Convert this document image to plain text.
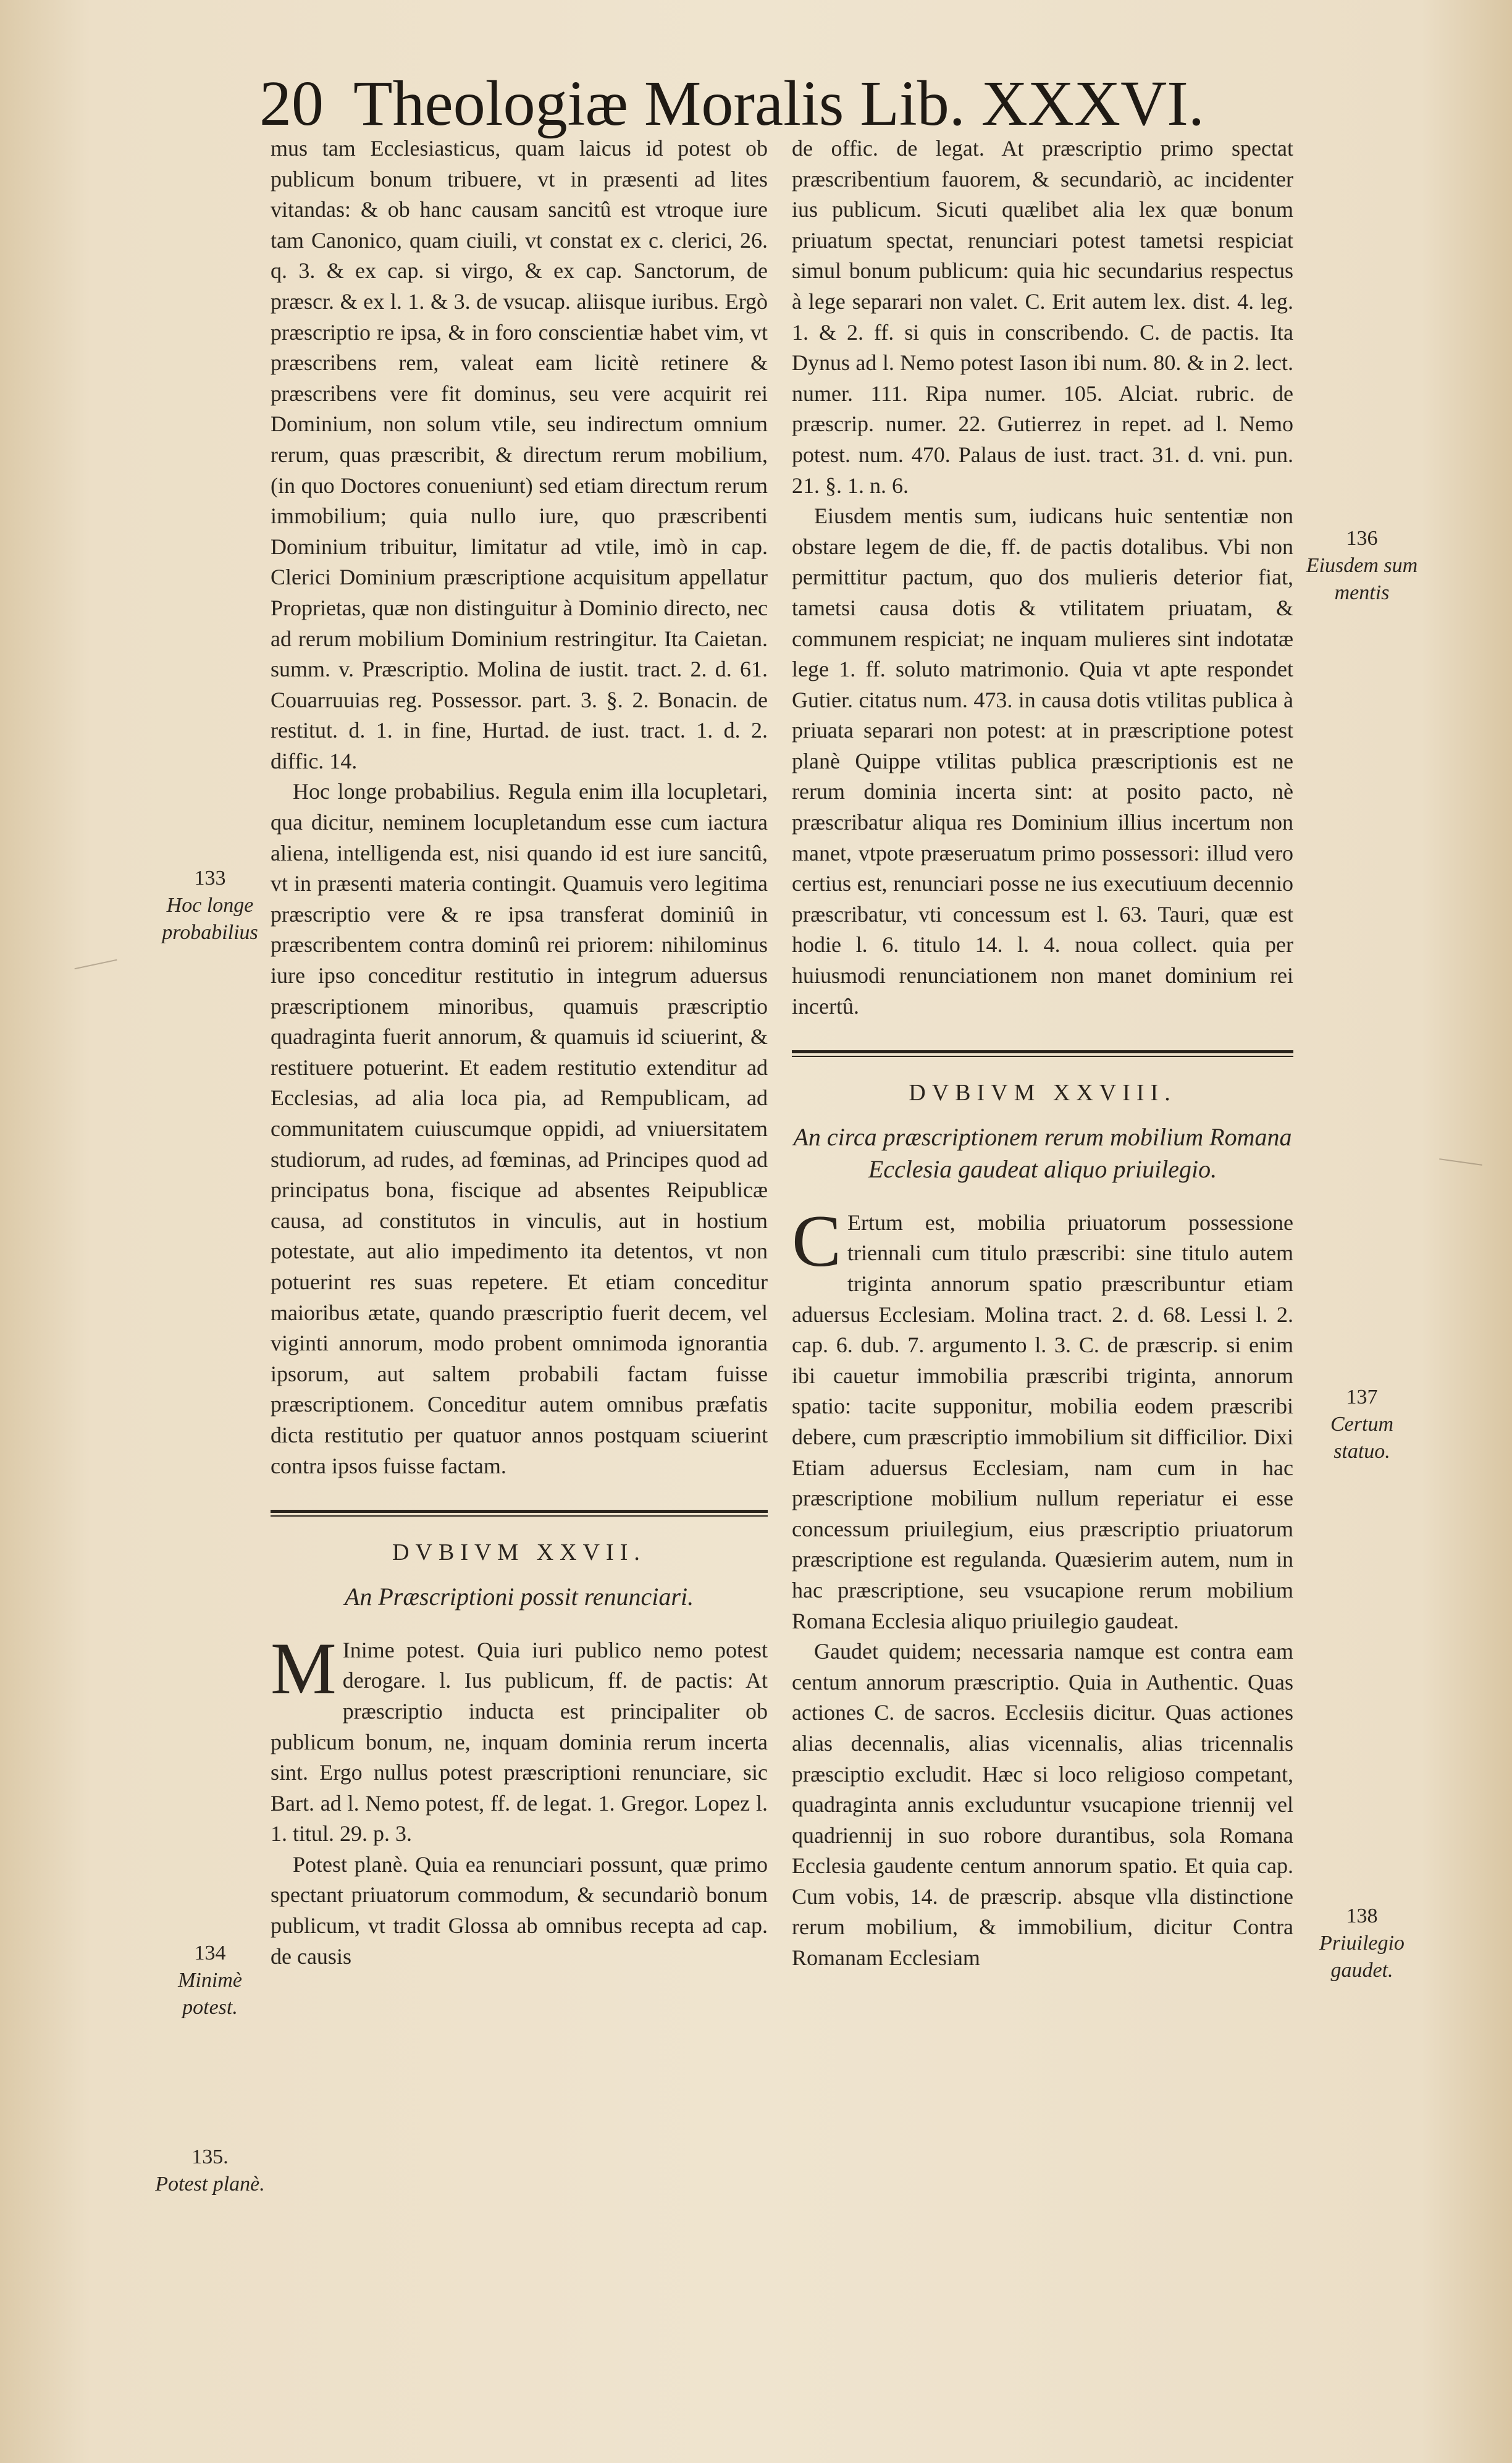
20 Theologiæ Moralis Lib. XXXVI.

mus tam Ecclesiasticus, quam laicus id potest ob publicum bonum tribuere, vt in præsenti ad lites vitandas: & ob hanc causam sancitû est vtroque iure tam Canonico, quam ciuili, vt constat ex c. clerici, 26. q. 3. & ex cap. si virgo, & ex cap. Sanctorum, de præscr. & ex l. 1. & 3. de vsucap. aliisque iuribus. Ergò præscriptio re ipsa, & in foro conscientiæ habet vim, vt præscribens rem, valeat eam licitè retinere & præscribens vere fit dominus, seu vere acquirit rei Dominium, non solum vtile, seu indirectum omnium rerum, quas præscribit, & directum rerum mobilium, (in quo Doctores conueniunt) sed etiam directum rerum immobilium; quia nullo iure, quo præscribenti Dominium tribuitur, limitatur ad vtile, imò in cap. Clerici Dominium præscriptione acquisitum appellatur Proprietas, quæ non distinguitur à Dominio directo, nec ad rerum mobilium Dominium restringitur. Ita Caietan. summ. v. Præscriptio. Molina de iustit. tract. 2. d. 61. Couarruuias reg. Possessor. part. 3. §. 2. Bonacin. de restitut. d. 1. in fine, Hurtad. de iust. tract. 1. d. 2. diffic. 14.

Hoc longe probabilius. Regula enim illa locupletari, qua dicitur, neminem locupletandum esse cum iactura aliena, intelligenda est, nisi quando id est iure sancitû, vt in præsenti materia contingit. Quamuis vero legitima præscriptio vere & re ipsa transferat dominiû in præscribentem contra dominû rei priorem: nihilominus iure ipso conceditur restitutio in integrum aduersus præscriptionem minoribus, quamuis præscriptio quadraginta fuerit annorum, & quamuis id sciuerint, & restituere potuerint. Et eadem restitutio extenditur ad Ecclesias, ad alia loca pia, ad Rempublicam, ad communitatem cuiuscumque oppidi, ad vniuersitatem studiorum, ad rudes, ad fœminas, ad Principes quod ad principatus bona, fiscique ad absentes Reipublicæ causa, ad constitutos in vinculis, aut in hostium potestate, aut alio impedimento ita detentos, vt non potuerint res suas repetere. Et etiam conceditur maioribus ætate, quando præscriptio fuerit decem, vel viginti annorum, modo probent omnimoda ignorantia ipsorum, aut saltem probabili factam fuisse præscriptionem. Conceditur autem omnibus præfatis dicta restitutio per quatuor annos postquam sciuerint contra ipsos fuisse factam.

DVBIVM XXVII.
An Præscriptioni possit renunciari.

M Inime potest. Quia iuri publico nemo potest derogare. l. Ius publicum, ff. de pactis: At præscriptio inducta est principaliter ob publicum bonum, ne, inquam dominia rerum incerta sint. Ergo nullus potest præscriptioni renunciare, sic Bart. ad l. Nemo potest, ff. de legat. 1. Gregor. Lopez l. 1. titul. 29. p. 3.

Potest planè. Quia ea renunciari possunt, quæ primo spectant priuatorum commodum, & secundariò bonum publicum, vt tradit Glossa ab omnibus recepta ad cap. de causis

de offic. de legat. At præscriptio primo spectat præscribentium fauorem, & secundariò, ac incidenter ius publicum. Sicuti quælibet alia lex quæ bonum priuatum spectat, renunciari potest tametsi respiciat simul bonum publicum: quia hic secundarius respectus à lege separari non valet. C. Erit autem lex. dist. 4. leg. 1. & 2. ff. si quis in conscribendo. C. de pactis. Ita Dynus ad l. Nemo potest Iason ibi num. 80. & in 2. lect. numer. 111. Ripa numer. 105. Alciat. rubric. de præscrip. numer. 22. Gutierrez in repet. ad l. Nemo potest. num. 470. Palaus de iust. tract. 31. d. vni. pun. 21. §. 1. n. 6.

Eiusdem mentis sum, iudicans huic sententiæ non obstare legem de die, ff. de pactis dotalibus. Vbi non permittitur pactum, quo dos mulieris deterior fiat, tametsi causa dotis & vtilitatem priuatam, & communem respiciat; ne inquam mulieres sint indotatæ lege 1. ff. soluto matrimonio. Quia vt apte respondet Gutier. citatus num. 473. in causa dotis vtilitas publica à priuata separari non potest: at in præscriptione potest planè Quippe vtilitas publica præscriptionis est ne rerum dominia incerta sint: at posito pacto, nè præscribatur aliqua res Dominium illius incertum non manet, vtpote præseruatum primo possessori: illud vero certius est, renunciari posse ne ius executiuum decennio præscribatur, vti concessum est l. 63. Tauri, quæ est hodie l. 6. titulo 14. l. 4. noua collect. quia per huiusmodi renunciationem non manet dominium rei incertû.

DVBIVM XXVIII.
An circa præscriptionem rerum mobilium Romana Ecclesia gaudeat aliquo priuilegio.

C Ertum est, mobilia priuatorum possessione triennali cum titulo præscribi: sine titulo autem triginta annorum spatio præscribuntur etiam aduersus Ecclesiam. Molina tract. 2. d. 68. Lessi l. 2. cap. 6. dub. 7. argumento l. 3. C. de præscrip. si enim ibi cauetur immobilia præscribi triginta, annorum spatio: tacite supponitur, mobilia eodem præscribi debere, cum præscriptio immobilium sit difficilior. Dixi Etiam aduersus Ecclesiam, nam cum in hac præscriptione mobilium nullum reperiatur ei esse concessum priuilegium, eius præscriptio priuatorum præscriptione est regulanda. Quæsierim autem, num in hac præscriptione, seu vsucapione rerum mobilium Romana Ecclesia aliquo priuilegio gaudeat.

Gaudet quidem; necessaria namque est contra eam centum annorum præscriptio. Quia in Authentic. Quas actiones C. de sacros. Ecclesiis dicitur. Quas actiones alias decennalis, alias vicennalis, alias tricennalis præsciptio excludit. Hæc si loco religioso competant, quadraginta annis excluduntur vsucapione triennij vel quadriennij in suo robore durantibus, sola Romana Ecclesia gaudente centum annorum spatio. Et quia cap. Cum vobis, 14. de præscrip. absque vlla distinctione rerum mobilium, & immobilium, dicitur Contra Romanam Ecclesiam

133
Hoc longe probabilius
134
Minimè potest.
135.
Potest planè.
136
Eiusdem sum mentis
137
Certum statuo.
138
Priuilegio gaudet.
